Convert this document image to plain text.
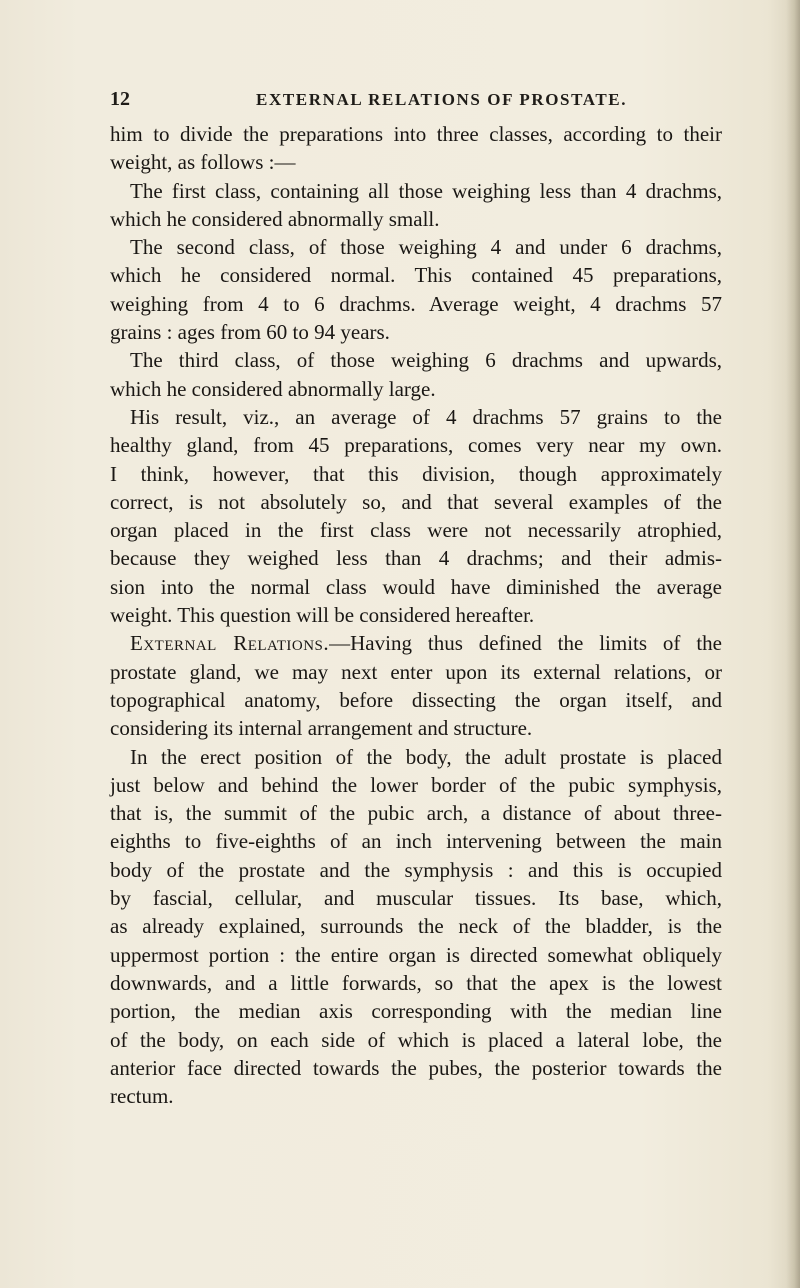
12	EXTERNAL RELATIONS OF PROSTATE.

him to divide the preparations into three classes, according to their
weight, as follows :—
The first class, containing all those weighing less than 4 drachms,
which he considered abnormally small.
The second class, of those weighing 4 and under 6 drachms,
which he considered normal. This contained 45 preparations,
weighing from 4 to 6 drachms. Average weight, 4 drachms 57
grains : ages from 60 to 94 years.
The third class, of those weighing 6 drachms and upwards,
which he considered abnormally large.
His result, viz., an average of 4 drachms 57 grains to the
healthy gland, from 45 preparations, comes very near my own.
I think, however, that this division, though approximately
correct, is not absolutely so, and that several examples of the
organ placed in the first class were not necessarily atrophied,
because they weighed less than 4 drachms; and their admis-
sion into the normal class would have diminished the average
weight. This question will be considered hereafter.
External Relations.—Having thus defined the limits of the
prostate gland, we may next enter upon its external relations, or
topographical anatomy, before dissecting the organ itself, and
considering its internal arrangement and structure.
In the erect position of the body, the adult prostate is placed
just below and behind the lower border of the pubic symphysis,
that is, the summit of the pubic arch, a distance of about three-
eighths to five-eighths of an inch intervening between the main
body of the prostate and the symphysis : and this is occupied
by fascial, cellular, and muscular tissues. Its base, which,
as already explained, surrounds the neck of the bladder, is the
uppermost portion : the entire organ is directed somewhat obliquely
downwards, and a little forwards, so that the apex is the lowest
portion, the median axis corresponding with the median line
of the body, on each side of which is placed a lateral lobe, the
anterior face directed towards the pubes, the posterior towards the
rectum.
